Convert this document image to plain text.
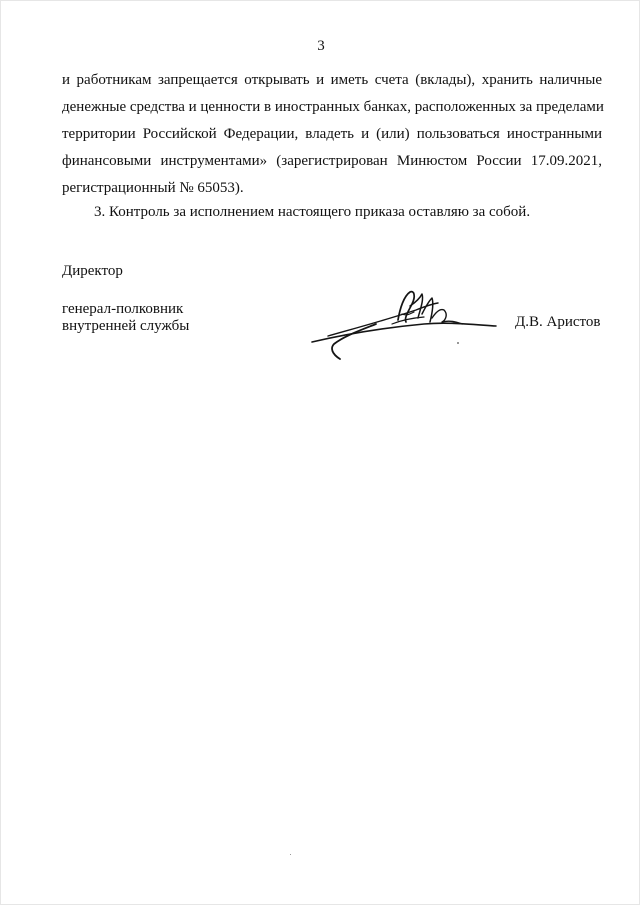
3
и работникам запрещается открывать и иметь счета (вклады), хранить наличные
денежные средства и ценности в иностранных банках, расположенных за пределами
территории Российской Федерации, владеть и (или) пользоваться иностранными
финансовыми инструментами» (зарегистрирован Минюстом России 17.09.2021,
регистрационный № 65053).
3. Контроль за исполнением настоящего приказа оставляю за собой.
Директор
генерал-полковник
внутренней службы	Д.В. Аристов
